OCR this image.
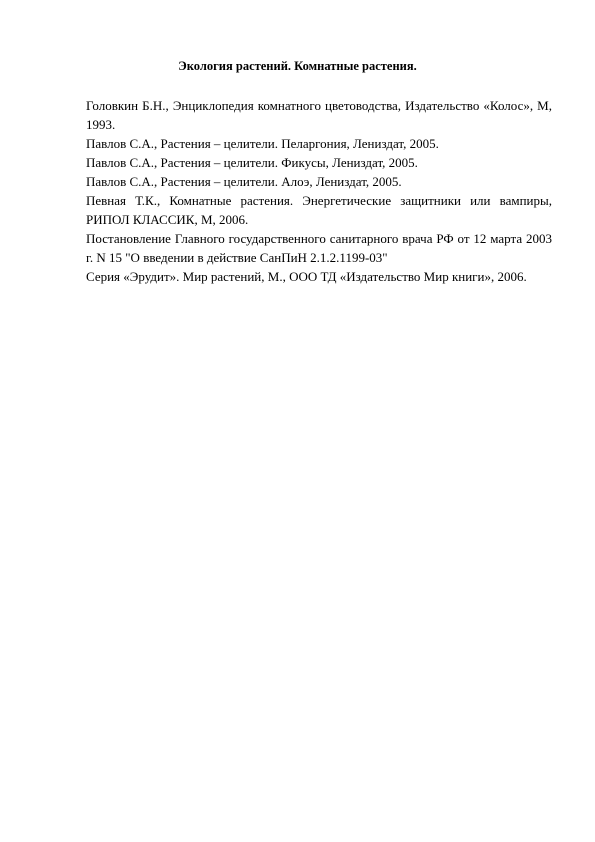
Экология растений. Комнатные растения.
Головкин Б.Н., Энциклопедия комнатного цветоводства, Издательство «Колос», М, 1993.
Павлов С.А., Растения – целители. Пеларгония, Лениздат, 2005.
Павлов С.А., Растения – целители. Фикусы, Лениздат, 2005.
Павлов С.А., Растения – целители. Алоэ, Лениздат, 2005.
Певная Т.К., Комнатные растения. Энергетические защитники или вампиры, РИПОЛ КЛАССИК, М, 2006.
Постановление Главного государственного санитарного врача РФ от 12 марта 2003 г. N 15 "О введении в действие СанПиН 2.1.2.1199-03"
Серия «Эрудит». Мир растений, М., ООО ТД «Издательство Мир книги», 2006.
